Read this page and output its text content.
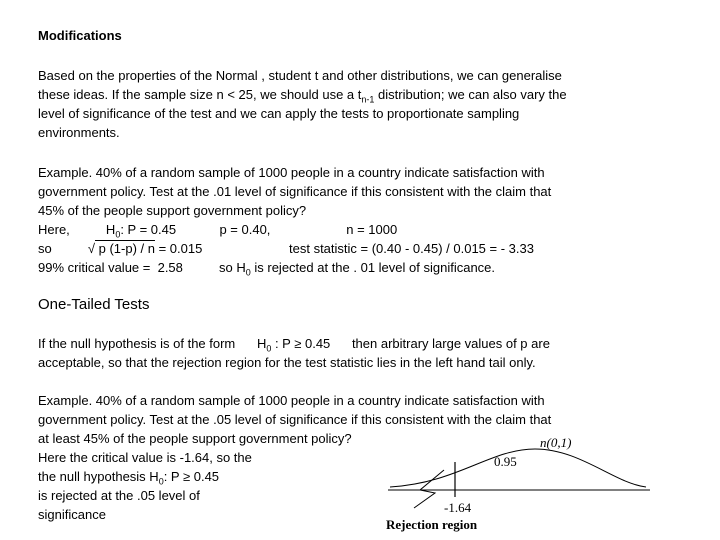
Modifications
Based on the properties of the Normal , student t and other distributions, we can generalise
these ideas. If the sample size n < 25, we should use a $t_{n-1}$ distribution; we can also vary the
level of significance of the test and we can apply the tests to proportionate sampling
environments.
Example. 40% of a random sample of 1000 people in a country indicate satisfaction with
government policy. Test at the .01 level of significance if this consistent with the claim that
45% of the people support government policy?
Here,          $H_0$: P = 0.45            p = 0.40,                     n = 1000
so          √ p (1-p) / n = 0.015                        test statistic = (0.40 - 0.45) / 0.015 = - 3.33
99% critical value =  2.58          so $H_0$ is rejected at the . 01 level of significance.
One-Tailed Tests
If the null hypothesis is of the form      $H_0$ : P ≥ 0.45      then arbitrary large values of p are
acceptable, so that the rejection region for the test statistic lies in the left hand tail only.
Example. 40% of a random sample of 1000 people in a country indicate satisfaction with
government policy. Test at the .05 level of significance if this consistent with the claim that
at least 45% of the people support government policy?
Here the critical value is -1.64, so the
the null hypothesis $H_0$: P ≥ 0.45
is rejected at the .05 level of
significance
n(0,1)
0.95
-1.64
Rejection region
